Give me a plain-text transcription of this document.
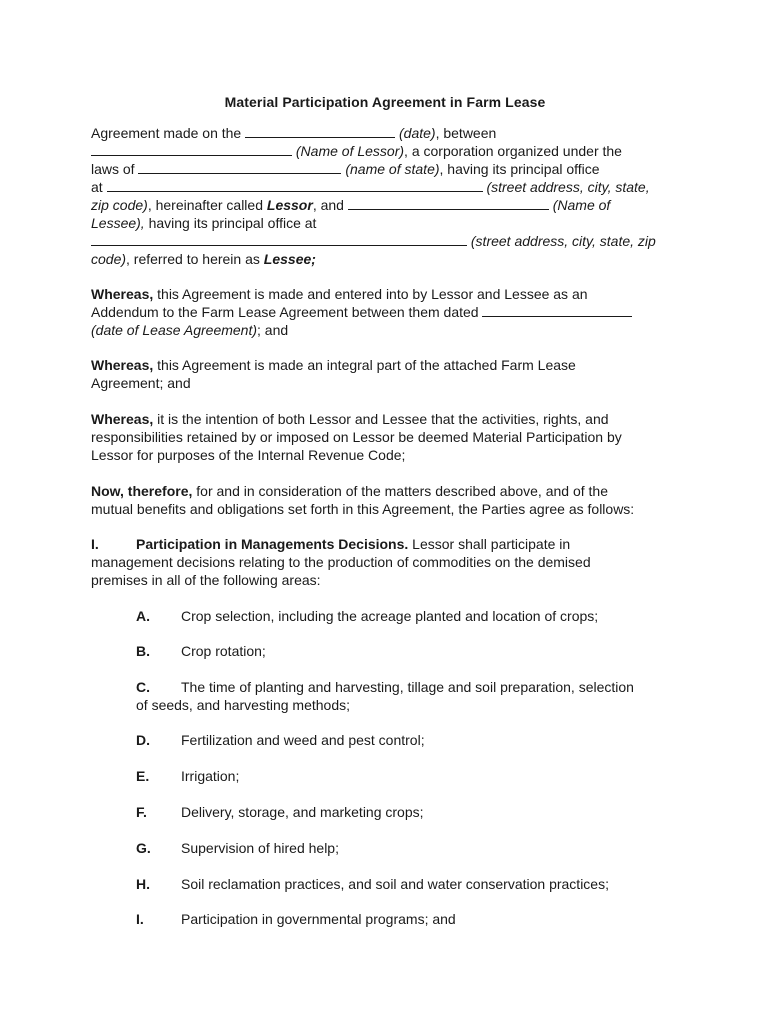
Material Participation Agreement in Farm Lease
Agreement made on the	(date), between
(Name of Lessor), a corporation organized under the
laws of	(name of state), having its principal office
at	(street address, city, state,
zip code), hereinafter called Lessor, and	(Name of
Lessee), having its principal office at
(street address, city, state, zip
code), referred to herein as Lessee;
Whereas, this Agreement is made and entered into by Lessor and Lessee as an
Addendum to the Farm Lease Agreement between them dated
(date of Lease Agreement); and
Whereas, this Agreement is made an integral part of the attached Farm Lease
Agreement; and
Whereas, it is the intention of both Lessor and Lessee that the activities, rights, and
responsibilities retained by or imposed on Lessor be deemed Material Participation by
Lessor for purposes of the Internal Revenue Code;
Now, therefore, for and in consideration of the matters described above, and of the
mutual benefits and obligations set forth in this Agreement, the Parties agree as follows:
I.	Participation in Managements Decisions. Lessor shall participate in
management decisions relating to the production of commodities on the demised
premises in all of the following areas:
A. Crop selection, including the acreage planted and location of crops;
B. Crop rotation;
C. The time of planting and harvesting, tillage and soil preparation, selection
of seeds, and harvesting methods;
D. Fertilization and weed and pest control;
E. Irrigation;
F. Delivery, storage, and marketing crops;
G. Supervision of hired help;
H. Soil reclamation practices, and soil and water conservation practices;
I.	Participation in governmental programs; and
